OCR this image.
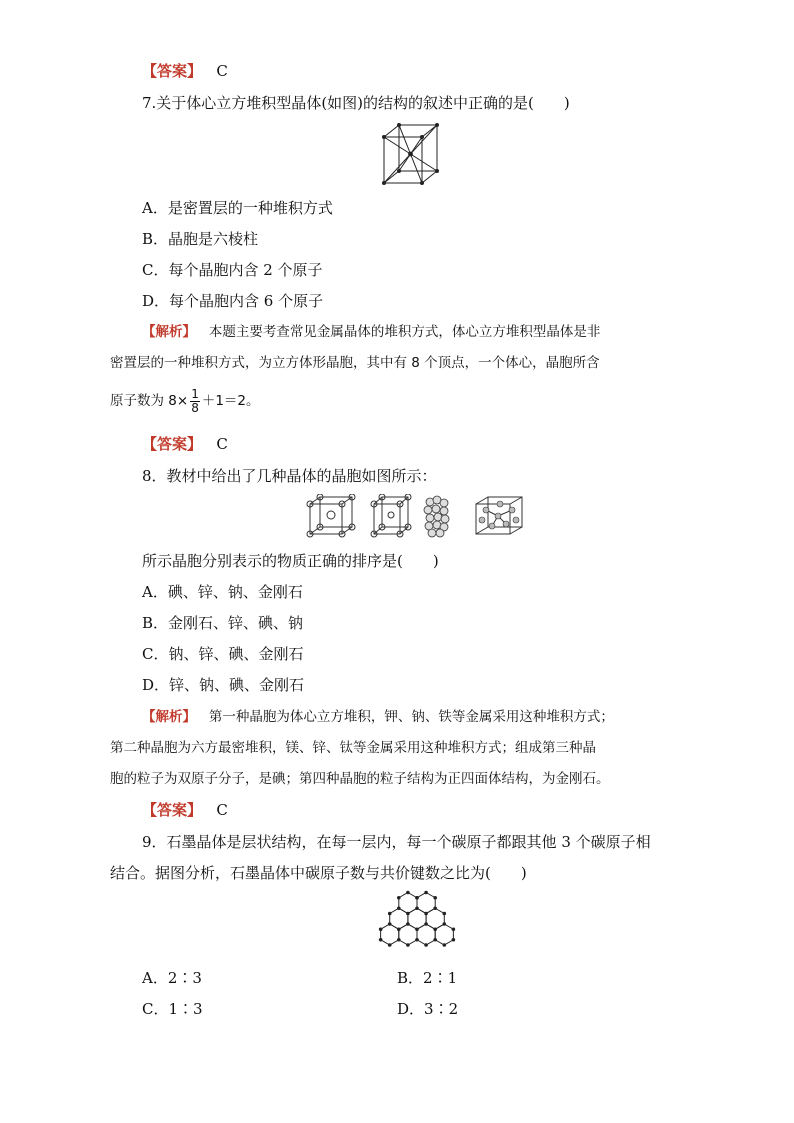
【答案】 C
7.关于体心立方堆积型晶体(如图)的结构的叙述中正确的是(　　)
A．是密置层的一种堆积方式
B．晶胞是六棱柱
C．每个晶胞内含 2 个原子
D．每个晶胞内含 6 个原子
【解析】 本题主要考查常见金属晶体的堆积方式，体心立方堆积型晶体是非
密置层的一种堆积方式，为立方体形晶胞，其中有 8 个顶点，一个体心，晶胞所含
原子数为 $8\times \frac{1}{8} +1=2$。
【答案】 C
8．教材中给出了几种晶体的晶胞如图所示：
所示晶胞分别表示的物质正确的排序是(　　)
A．碘、锌、钠、金刚石
B．金刚石、锌、碘、钠
C．钠、锌、碘、金刚石
D．锌、钠、碘、金刚石
【解析】 第一种晶胞为体心立方堆积，钾、钠、铁等金属采用这种堆积方式；
第二种晶胞为六方最密堆积，镁、锌、钛等金属采用这种堆积方式；组成第三种晶
胞的粒子为双原子分子，是碘；第四种晶胞的粒子结构为正四面体结构，为金刚石。
【答案】 C
9．石墨晶体是层状结构，在每一层内，每一个碳原子都跟其他 3 个碳原子相
结合。据图分析，石墨晶体中碳原子数与共价键数之比为(　　)
A．2∶3	B．2∶1
C．1∶3	D．3∶2
